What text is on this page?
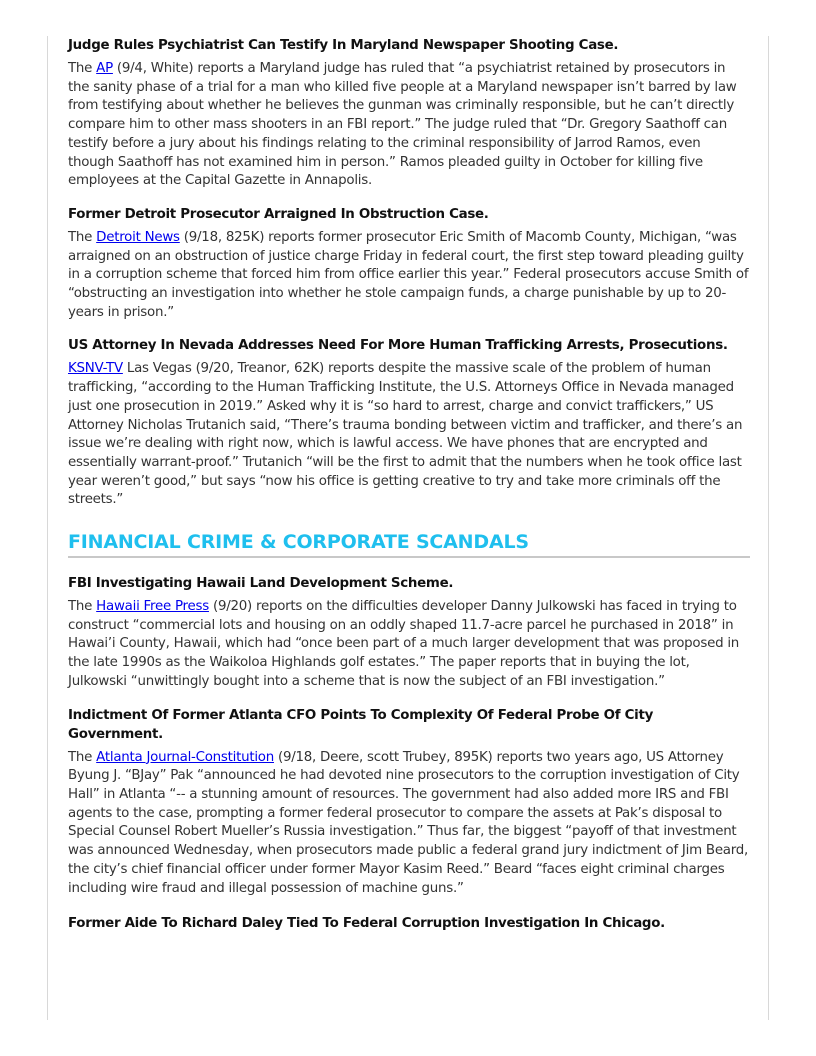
Judge Rules Psychiatrist Can Testify In Maryland Newspaper Shooting Case.

The AP (9/4, White) reports a Maryland judge has ruled that “a psychiatrist retained by prosecutors in the sanity phase of a trial for a man who killed five people at a Maryland newspaper isn’t barred by law from testifying about whether he believes the gunman was criminally responsible, but he can’t directly compare him to other mass shooters in an FBI report.” The judge ruled that “Dr. Gregory Saathoff can testify before a jury about his findings relating to the criminal responsibility of Jarrod Ramos, even though Saathoff has not examined him in person.” Ramos pleaded guilty in October for killing five employees at the Capital Gazette in Annapolis.

Former Detroit Prosecutor Arraigned In Obstruction Case.

The Detroit News (9/18, 825K) reports former prosecutor Eric Smith of Macomb County, Michigan, “was arraigned on an obstruction of justice charge Friday in federal court, the first step toward pleading guilty in a corruption scheme that forced him from office earlier this year.” Federal prosecutors accuse Smith of “obstructing an investigation into whether he stole campaign funds, a charge punishable by up to 20-years in prison.”

US Attorney In Nevada Addresses Need For More Human Trafficking Arrests, Prosecutions.

KSNV-TV Las Vegas (9/20, Treanor, 62K) reports despite the massive scale of the problem of human trafficking, “according to the Human Trafficking Institute, the U.S. Attorneys Office in Nevada managed just one prosecution in 2019.” Asked why it is “so hard to arrest, charge and convict traffickers,” US Attorney Nicholas Trutanich said, “There’s trauma bonding between victim and trafficker, and there’s an issue we’re dealing with right now, which is lawful access. We have phones that are encrypted and essentially warrant-proof.” Trutanich “will be the first to admit that the numbers when he took office last year weren’t good,” but says “now his office is getting creative to try and take more criminals off the streets.”

FINANCIAL CRIME & CORPORATE SCANDALS
FBI Investigating Hawaii Land Development Scheme.

The Hawaii Free Press (9/20) reports on the difficulties developer Danny Julkowski has faced in trying to construct “commercial lots and housing on an oddly shaped 11.7-acre parcel he purchased in 2018” in Hawai’i County, Hawaii, which had “once been part of a much larger development that was proposed in the late 1990s as the Waikoloa Highlands golf estates.” The paper reports that in buying the lot, Julkowski “unwittingly bought into a scheme that is now the subject of an FBI investigation.”

Indictment Of Former Atlanta CFO Points To Complexity Of Federal Probe Of City Government.

The Atlanta Journal-Constitution (9/18, Deere, scott Trubey, 895K) reports two years ago, US Attorney Byung J. “BJay” Pak “announced he had devoted nine prosecutors to the corruption investigation of City Hall” in Atlanta “-- a stunning amount of resources. The government had also added more IRS and FBI agents to the case, prompting a former federal prosecutor to compare the assets at Pak’s disposal to Special Counsel Robert Mueller’s Russia investigation.” Thus far, the biggest “payoff of that investment was announced Wednesday, when prosecutors made public a federal grand jury indictment of Jim Beard, the city’s chief financial officer under former Mayor Kasim Reed.” Beard “faces eight criminal charges including wire fraud and illegal possession of machine guns.”

Former Aide To Richard Daley Tied To Federal Corruption Investigation In Chicago.
